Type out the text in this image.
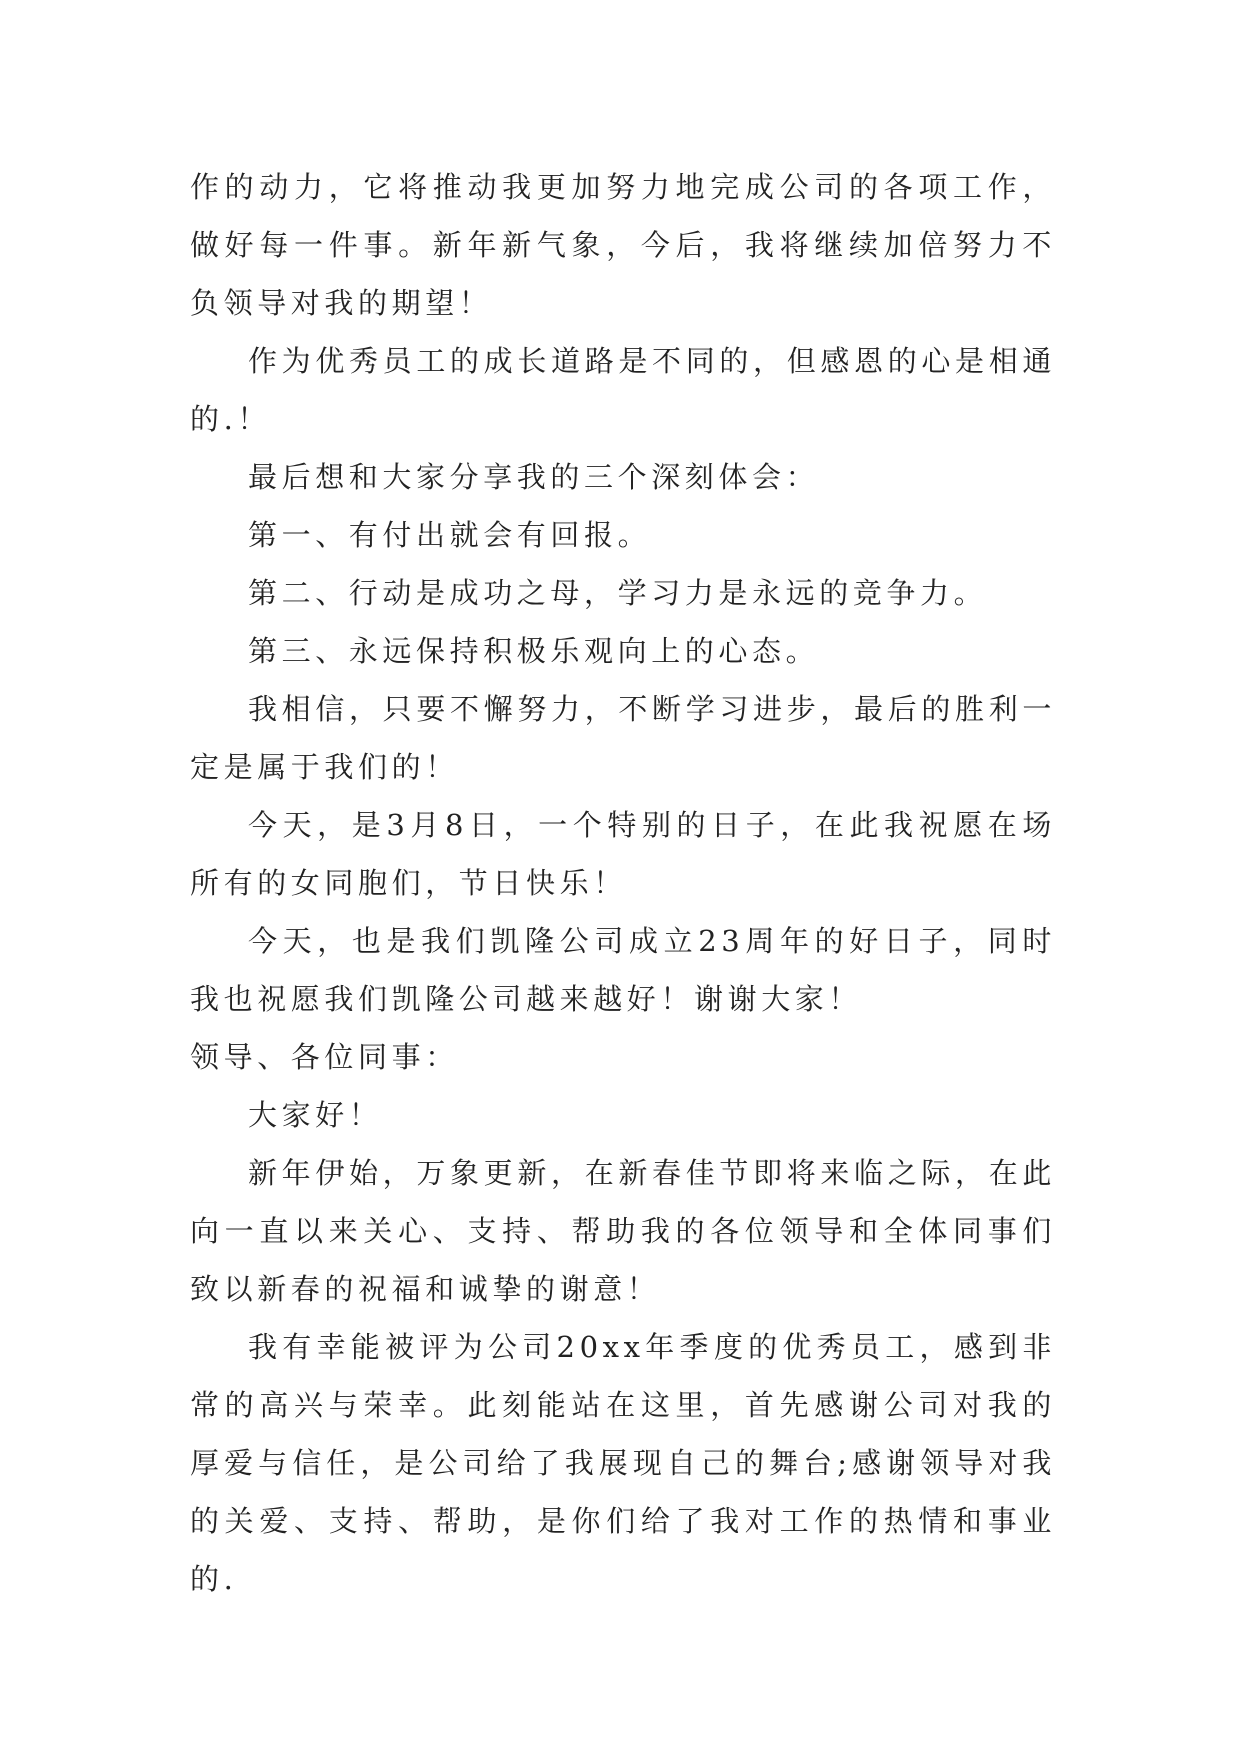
作的动力，它将推动我更加努力地完成公司的各项工作，做好每一件事。新年新气象，今后，我将继续加倍努力不负领导对我的期望！

作为优秀员工的成长道路是不同的，但感恩的心是相通的.！

最后想和大家分享我的三个深刻体会：

第一、有付出就会有回报。

第二、行动是成功之母，学习力是永远的竞争力。

第三、永远保持积极乐观向上的心态。

我相信，只要不懈努力，不断学习进步，最后的胜利一定是属于我们的！

今天，是3月8日，一个特别的日子，在此我祝愿在场所有的女同胞们，节日快乐！

今天，也是我们凯隆公司成立23周年的好日子，同时我也祝愿我们凯隆公司越来越好！谢谢大家！

领导、各位同事：

大家好！

新年伊始，万象更新，在新春佳节即将来临之际，在此向一直以来关心、支持、帮助我的各位领导和全体同事们致以新春的祝福和诚挚的谢意！

我有幸能被评为公司20xx年季度的优秀员工，感到非常的高兴与荣幸。此刻能站在这里，首先感谢公司对我的厚爱与信任，是公司给了我展现自己的舞台;感谢领导对我的关爱、支持、帮助，是你们给了我对工作的热情和事业的.
